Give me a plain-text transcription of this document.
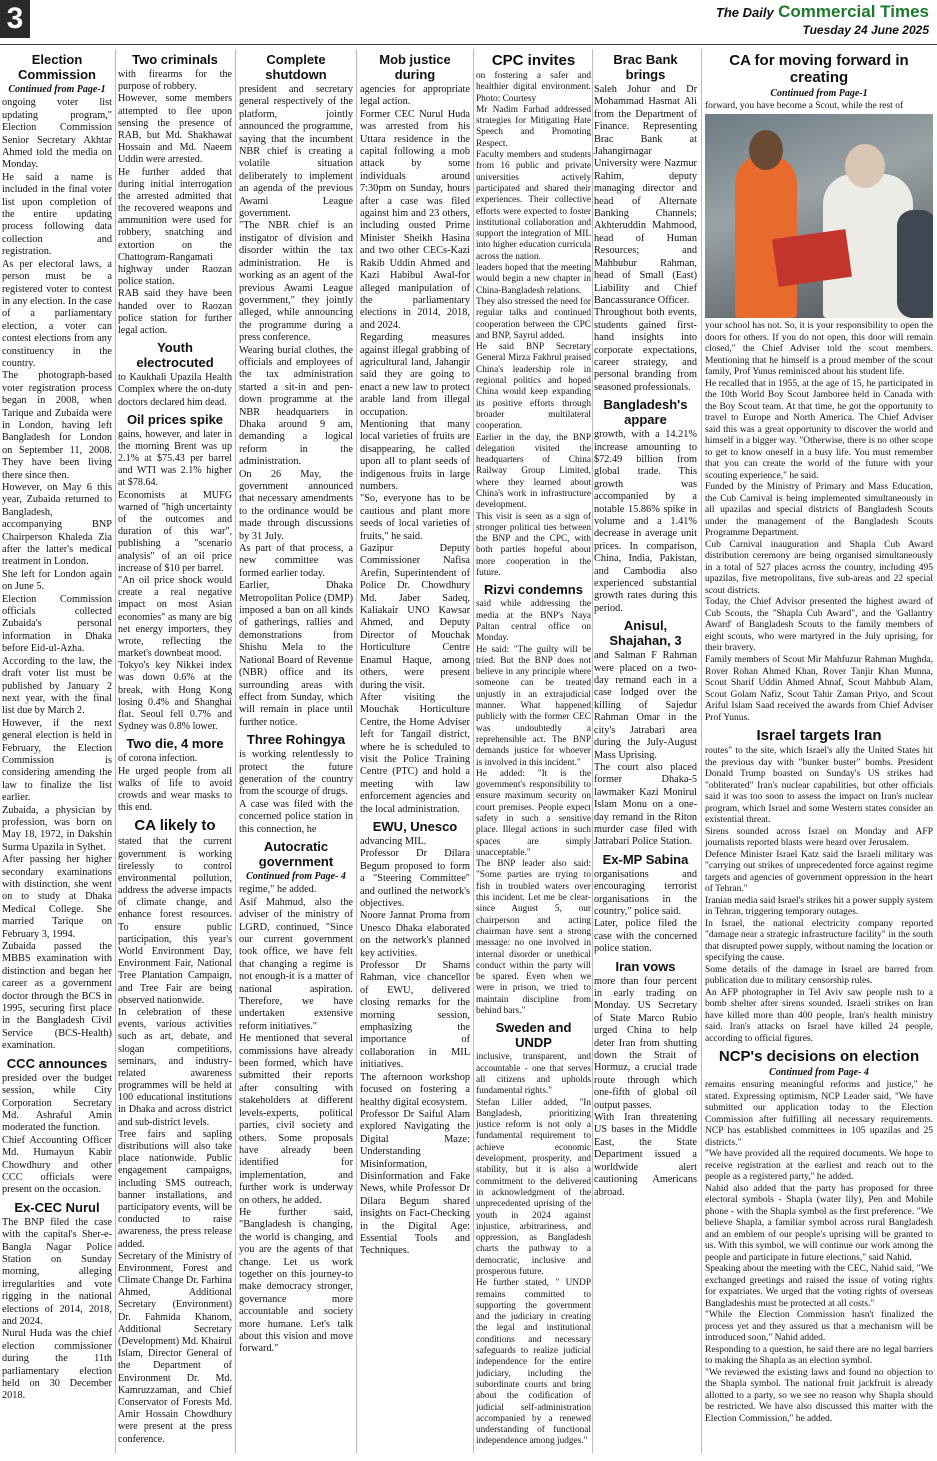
3	The Daily Commercial Times
Tuesday 24 June 2025
Election Commission
Continued from Page-1

ongoing voter list updating program," Election Commission Senior Secretary Akhtar Ahmed told the media on Monday.

He said a name is included in the final voter list upon completion of the entire updating process following data collection and registration.

As per electoral laws, a person must be a registered voter to contest in any election. In the case of a parliamentary election, a voter can contest elections from any constituency in the country.

The photograph-based voter registration process began in 2008, when Tarique and Zubaida were in London, having left Bangladesh for London on September 11, 2008. They have been living there since then.

However, on May 6 this year, Zubaida returned to Bangladesh, accompanying BNP Chairperson Khaleda Zia after the latter's medical treatment in London.

She left for London again on June 5.

Election Commission officials collected Zubaida's personal information in Dhaka before Eid-ul-Azha.

According to the law, the draft voter list must be published by January 2 next year, with the final list due by March 2.

However, if the next general election is held in February, the Election Commission is considering amending the law to finalize the list earlier.

Zubaida, a physician by profession, was born on May 18, 1972, in Dakshin Surma Upazila in Sylhet.

After passing her higher secondary examinations with distinction, she went on to study at Dhaka Medical College. She married Tarique on February 3, 1994.

Zubaida passed the MBBS examination with distinction and began her career as a government doctor through the BCS in 1995, securing first place in the Bangladesh Civil Service (BCS-Health) examination.

CCC announces

presided over the budget session, while City Corporation Secretary Md. Ashraful Amin moderated the function.

Chief Accounting Officer Md. Humayun Kabir Chowdhury and other CCC officials were present on the occasion.

Ex-CEC Nurul

The BNP filed the case with the capital's Sher-e-Bangla Nagar Police Station on Sunday morning, alleging irregularities and vote rigging in the national elections of 2014, 2018, and 2024.

Nurul Huda was the chief election commissioner during the 11th parliamentary election held on 30 December 2018.

Two criminals

with firearms for the purpose of robbery.

However, some members attempted to flee upon sensing the presence of RAB, but Md. Shakhawat Hossain and Md. Naeem Uddin were arrested.

He further added that during initial interrogation the arrested admitted that the recovered weapons and ammunition were used for robbery, snatching and extortion on the Chattogram-Rangamati highway under Raozan police station.

RAB said they have been handed over to Raozan police station for further legal action.

Youth electrocuted

to Kaukhali Upazila Health Complex where the on-duty doctors declared him dead.

Oil prices spike

gains, however, and later in the morning Brent was up 2.1% at $75.43 per barrel and WTI was 2.1% higher at $78.64.

Economists at MUFG warned of "high uncertainty of the outcomes and duration of this war", publishing a "scenario analysis" of an oil price increase of $10 per barrel.

"An oil price shock would create a real negative impact on most Asian economies" as many are big net energy importers, they wrote, reflecting the market's downbeat mood.

Tokyo's key Nikkei index was down 0.6% at the break, with Hong Kong losing 0.4% and Shanghai flat. Seoul fell 0.7% and Sydney was 0.8% lower.

Two die, 4 more

of corona infection.

He urged people from all walks of life to avoid crowds and wear masks to this end.

CA likely to

stated that the current government is working tirelessly to control environmental pollution, address the adverse impacts of climate change, and enhance forest resources. To ensure public participation, this year's World Environment Day, Environment Fair, National Tree Plantation Campaign, and Tree Fair are being observed nationwide.

In celebration of these events, various activities such as art, debate, and slogan competitions, seminars, and industry-related awareness programmes will be held at 100 educational institutions in Dhaka and across district and sub-district levels.

Tree fairs and sapling distributions will also take place nationwide. Public engagement campaigns, including SMS outreach, banner installations, and participatory events, will be conducted to raise awareness, the press release added.

Secretary of the Ministry of Environment, Forest and Climate Change Dr. Farhina Ahmed, Additional Secretary (Environment) Dr. Fahmida Khanom, Additional Secretary (Development) Md. Khairul Islam, Director General of the Department of Environment Dr. Md. Kamruzzaman, and Chief Conservator of Forests Md. Amir Hossain Chowdhury were present at the press conference.

Complete shutdown

president and secretary general respectively of the platform, jointly announced the programme, saying that the incumbent NBR chief is creating a volatile situation deliberately to implement an agenda of the previous Awami League government.

"The NBR chief is an instigator of division and disorder within the tax administration. He is working as an agent of the previous Awami League government," they jointly alleged, while announcing the programme during a press conference.

Wearing burial clothes, the officials and employees of the tax administration started a sit-in and pen-down programme at the NBR headquarters in Dhaka around 9 am, demanding a logical reform in the administration.

On 26 May, the government announced that necessary amendments to the ordinance would be made through discussions by 31 July.

As part of that process, a new committee was formed earlier today.

Earlier, Dhaka Metropolitan Police (DMP) imposed a ban on all kinds of gatherings, rallies and demonstrations from Shishu Mela to the National Board of Revenue (NBR) office and its surrounding areas with effect from Sunday, which will remain in place until further notice.

Three Rohingya

is working relentlessly to protect the future generation of the country from the scourge of drugs.

A case was filed with the concerned police station in this connection, he

Autocratic government
Continued from Page- 4

regime," he added.

Asif Mahmud, also the adviser of the ministry of LGRD, continued, "Since our current government took office, we have felt that changing a regime is not enough-it is a matter of national aspiration. Therefore, we have undertaken extensive reform initiatives."

He mentioned that several commissions have already been formed, which have submitted their reports after consulting with stakeholders at different levels-experts, political parties, civil society and others. Some proposals have already been identified for implementation, and further work is underway on others, he added.

He further said, "Bangladesh is changing, the world is changing, and you are the agents of that change. Let us work together on this journey-to make democracy stronger, governance more accountable and society more humane. Let's talk about this vision and move forward."

Mob justice during

agencies for appropriate legal action.

Former CEC Nurul Huda was arrested from his Uttara residence in the capital following a mob attack by some individuals around 7:30pm on Sunday, hours after a case was filed against him and 23 others, including ousted Prime Minister Sheikh Hasina and two other CECs-Kazi Rakib Uddin Ahmed and Kazi Habibul Awal-for alleged manipulation of the parliamentary elections in 2014, 2018, and 2024.

Regarding measures against illegal grabbing of agricultural land, Jahangir said they are going to enact a new law to protect arable land from illegal occupation.

Mentioning that many local varieties of fruits are disappearing, he called upon all to plant seeds of indigenous fruits in large numbers.

"So, everyone has to be cautious and plant more seeds of local varieties of fruits," he said.

Gazipur Deputy Commissioner Nafisa Arefin, Superintendent of Police Dr. Chowdhury Md. Jaber Sadeq, Kaliakair UNO Kawsar Ahmed, and Deputy Director of Mouchak Horticulture Centre Enamul Haque, among others, were present during the visit.

After visiting the Mouchak Horticulture Centre, the Home Adviser left for Tangail district, where he is scheduled to visit the Police Training Centre (PTC) and hold a meeting with law enforcement agencies and the local administration.

EWU, Unesco

advancing MIL.

Professor Dr Dilara Begum proposed to form a "Steering Committee" and outlined the network's objectives.

Noore Jannat Proma from Unesco Dhaka elaborated on the network's planned key activities.

Professor Dr Shams Rahman, vice chancellor of EWU, delivered closing remarks for the morning session, emphasizing the importance of collaboration in MIL initiatives.

The afternoon workshop focused on fostering a healthy digital ecosystem.

Professor Dr Saiful Alam explored Navigating the Digital Maze: Understanding Misinformation, Disinformation and Fake News, while Professor Dr Dilara Begum shared insights on Fact-Checking in the Digital Age: Essential Tools and Techniques.

CPC invites

on fostering a safer and healthier digital environment. Photo: Courtesy

Mr Nadim Farhad addressed strategies for Mitigating Hate Speech and Promoting Respect.

Faculty members and students from 16 public and private universities actively participated and shared their experiences. Their collective efforts were expected to foster institutional collaboration and support the integration of MIL into higher education curricula across the nation.

leaders hoped that the meeting would begin a new chapter in China-Bangladesh relations.

They also stressed the need for regular talks and continued cooperation between the CPC and BNP, Sayrul added.

He said BNP Secretary General Mirza Fakhrul praised China's leadership role in regional politics and hoped China would keep expanding its positive efforts through broader multilateral cooperation.

Earlier in the day, the BNP delegation visited the headquarters of China Railway Group Limited, where they learned about China's work in infrastructure development.

This visit is seen as a sign of stronger political ties between the BNP and the CPC, with both parties hopeful about more cooperation in the future.

Rizvi condemns

said while addressing the media at the BNP's Naya Paltan central office on Monday.

He said: "The guilty will be tried. But the BNP does not believe in any principle where someone can be treated unjustly in an extrajudicial manner. What happened publicly with the former CEC was undoubtedly a reprehensible act. The BNP demands justice for whoever is involved in this incident."

He added: "It is the government's responsibility to ensure maximum security on court premises. People expect safety in such a sensitive place. Illegal actions in such spaces are simply unacceptable."

The BNP leader also said: "Some parties are trying to fish in troubled waters over this incident. Let me be clear-since August 5, our chairperson and acting chairman have sent a strong message: no one involved in internal disorder or unethical conduct within the party will be spared. Even when we were in prison, we tried to maintain discipline from behind bars."

Sweden and UNDP

inclusive, transparent, and accountable - one that serves all citizens and upholds fundamental rights."

Stefan Liller added, "In Bangladesh, prioritizing justice reform is not only a fundamental requirement to achieve economic development, prosperity, and stability, but it is also a commitment to the delivered in acknowledgment of the unprecedented uprising of the youth in 2024 against injustice, arbitrariness, and oppression, as Bangladesh charts the pathway to a democratic, inclusive and prosperous future.

He further stated, " UNDP remains committed to supporting the government and the judiciary in creating the legal and institutional conditions and necessary safeguards to realize judicial independence for the entire judiciary, including the subordinate courts and bring about the codification of judicial self-administration accompanied by a renewed understanding of functional independence among judges."

Brac Bank brings

Saleh Johur and Dr Mohammad Hasmat Ali from the Department of Finance. Representing Brac Bank at Jahangirnagar University were Nazmur Rahim, deputy managing director and head of Alternate Banking Channels; Akhteruddin Mahmood, head of Human Resources; and Mahbubur Rahman, head of Small (East) Liability and Chief Bancassurance Officer.

Throughout both events, students gained first-hand insights into corporate expectations, career strategy, and personal branding from seasoned professionals.

Bangladesh's appare

growth, with a 14.21% increase amounting to $72.49 billion from global trade. This growth was accompanied by a notable 15.86% spike in volume and a 1.41% decrease in average unit prices. In comparison, China, India, Pakistan, and Cambodia also experienced substantial growth rates during this period.

Anisul, Shajahan, 3

and Salman F Rahman were placed on a two-day remand each in a case lodged over the killing of Sajedur Rahman Omar in the city's Jatrabari area during the July-August Mass Uprising.

The court also placed former Dhaka-5 lawmaker Kazi Monirul Islam Monu on a one-day remand in the Riton murder case filed with Jatrabari Police Station.

Ex-MP Sabina

organisations and encouraging terrorist organisations in the country," police said.

Later, police filed the case with the concerned police station.

Iran vows

more than four percent in early trading on Monday. US Secretary of State Marco Rubio urged China to help deter Iran from shutting down the Strait of Hormuz, a crucial trade route through which one-fifth of global oil output passes.

With Iran threatening US bases in the Middle East, the State Department issued a worldwide alert cautioning Americans abroad.

CA for moving forward in creating
Continued from Page-1

forward, you have become a Scout, while the rest of

your school has not. So, it is your responsibility to open the doors for others. If you do not open, this door will remain closed," the Chief Adviser told the scout members. Mentioning that he himself is a proud member of the scout family, Prof Yunus reminisced about his student life.

He recalled that in 1955, at the age of 15, he participated in the 10th World Boy Scout Jamboree held in Canada with the Boy Scout team. At that time, he got the opportunity to travel to Europe and North America. The Chief Adviser said this was a great opportunity to discover the world and himself in a bigger way. "Otherwise, there is no other scope to get to know oneself in a busy life. You must remember that you can create the world of the future with your scouting experience," he said.

Funded by the Ministry of Primary and Mass Education, the Cub Carnival is being implemented simultaneously in all upazilas and special districts of Bangladesh Scouts under the management of the Bangladesh Scouts Programme Department.

Cub Carnival inauguration and Shapla Cub Award distribution ceremony are being organised simultaneously in a total of 527 places across the country, including 495 upazilas, five metropolitans, five sub-areas and 22 special scout districts.

Today, the Chief Advisor presented the highest award of Cub Scouts, the "Shapla Cub Award", and the 'Gallantry Award' of Bangladesh Scouts to the family members of eight scouts, who were martyred in the July uprising, for their bravery.

Family members of Scout Mir Mahfuzur Rahman Mughda, Rover Rohan Ahmed Khan, Rover Tanjir Khan Munna, Scout Sharif Uddin Ahmed Ahnaf, Scout Mahbub Alam, Scout Golam Nafiz, Scout Tahir Zaman Priyo, and Scout Ariful Islam Saad received the awards from Chief Adviser Prof Yunus.

Israel targets Iran

routes" to the site, which Israel's ally the United States hit the previous day with "bunker buster" bombs. President Donald Trump boasted on Sunday's US strikes had "obliterated" Iran's nuclear capabilities, but other officials said it was too soon to assess the impact on Iran's nuclear program, which Israel and some Western states consider an existential threat.

Sirens sounded across Israel on Monday and AFP journalists reported blasts were heard over Jerusalem.

Defence Minister Israel Katz said the Israeli military was "carrying out strikes of unprecedented force against regime targets and agencies of government oppression in the heart of Tehran."

Iranian media said Israel's strikes hit a power supply system in Tehran, triggering temporary outages.

In Israel, the national electricity company reported "damage near a strategic infrastructure facility" in the south that disrupted power supply, without naming the location or specifying the cause.

Some details of the damage in Israel are barred from publication due to military censorship rules.

An AFP photographer in Tel Aviv saw people rush to a bomb shelter after sirens sounded. Israeli strikes on Iran have killed more than 400 people, Iran's health ministry said. Iran's attacks on Israel have killed 24 people, according to official figures.

NCP's decisions on election
Continued from Page- 4

remains ensuring meaningful reforms and justice," he stated. Expressing optimism, NCP Leader said, "We have submitted our application today to the Election Commission after fulfilling all necessary requirements. NCP has established committees in 105 upazilas and 25 districts."

"We have provided all the required documents. We hope to receive registration at the earliest and reach out to the people as a registered party," he added.

Nahid also added that the party has proposed for three electoral symbols - Shapla (water lily), Pen and Mobile phone - with the Shapla symbol as the first preference. "We believe Shapla, a familiar symbol across rural Bangladesh and an emblem of our people's uprising will be granted to us. With this symbol, we will continue our work among the people and participate in future elections," said Nahid.

Speaking about the meeting with the CEC, Nahid said, "We exchanged greetings and raised the issue of voting rights for expatriates. We urged that the voting rights of overseas Bangladeshis must be protected at all costs."

"While the Election Commission hasn't finalized the process yet and they assured us that a mechanism will be introduced soon," Nahid added.

Responding to a question, he said there are no legal barriers to making the Shapla as an election symbol.

"We reviewed the existing laws and found no objection to the Shapla symbol. The national fruit jackfruit is already allotted to a party, so we see no reason why Shapla should be restricted. We have also discussed this matter with the Election Commission," he added.
